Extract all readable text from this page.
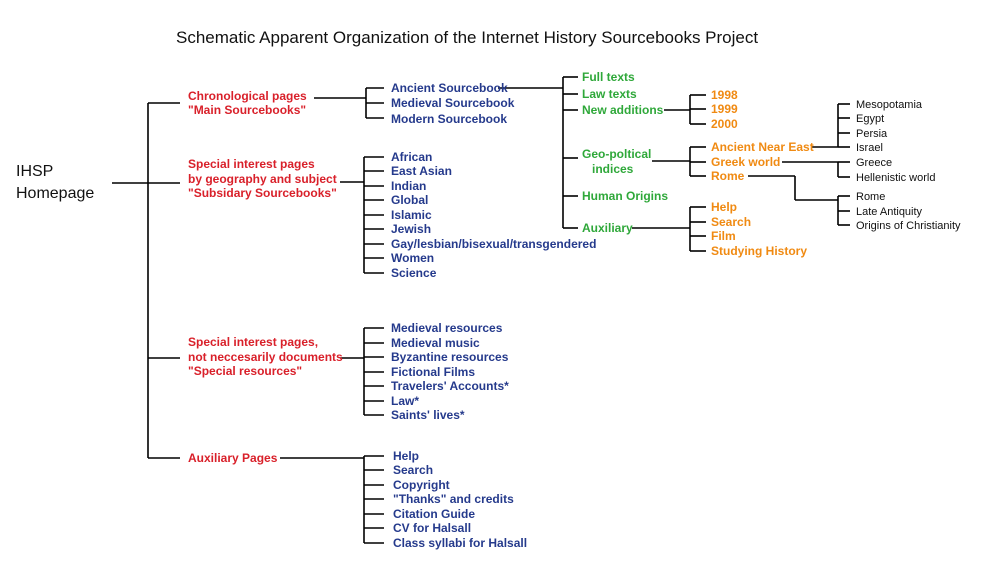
Schematic Apparent Organization of the Internet History Sourcebooks Project
IHSP
Homepage
Chronological pages
"Main Sourcebooks"
Special interest pages
by geography and subject
"Subsidary Sourcebooks"
Special interest pages,
not neccesarily documents
"Special resources"
Auxiliary Pages
Ancient Sourcebook
Medieval Sourcebook
Modern Sourcebook
African
East Asian
Indian
Global
Islamic
Jewish
Gay/lesbian/bisexual/transgendered
Women
Science
Medieval resources
Medieval music
Byzantine resources
Fictional Films
Travelers' Accounts*
Law*
Saints' lives*
Help
Search
Copyright
"Thanks" and credits
Citation Guide
CV for Halsall
Class syllabi for Halsall
Full texts
Law texts
New additions
Geo-poltical
indices
Human Origins
Auxiliary
1998
1999
2000
Ancient Near East
Greek world
Rome
Help
Search
Film
Studying History
Mesopotamia
Egypt
Persia
Israel
Greece
Hellenistic world
Rome
Late Antiquity
Origins of Christianity
